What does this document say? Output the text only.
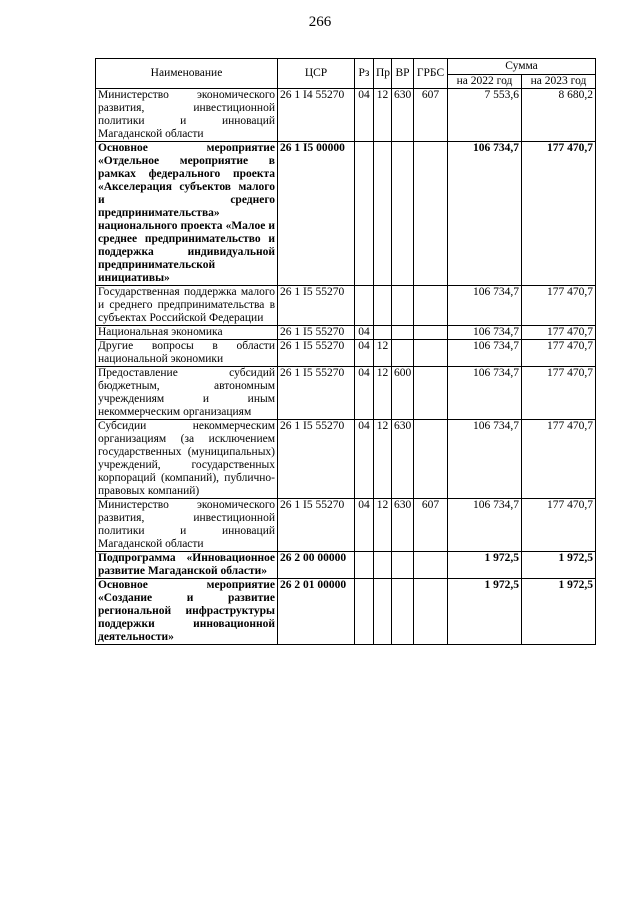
266
Наименование	ЦСР	Рз	Пр	ВР	ГРБС	Сумма	
						на 2022 год	на 2023 год
Министерство экономического развития, инвестиционной политики и инноваций Магаданской области	26 1 I4 55270	04	12	630	607	7 553,6	8 680,2
Основное мероприятие «Отдельное мероприятие в рамках федерального проекта «Акселерация субъектов малого и среднего предпринимательства» национального проекта «Малое и среднее предпринимательство и поддержка индивидуальной предпринимательской инициативы»	26 1 I5 00000					106 734,7	177 470,7
Государственная поддержка малого и среднего предпринимательства в субъектах Российской Федерации	26 1 I5 55270					106 734,7	177 470,7
Национальная экономика	26 1 I5 55270	04				106 734,7	177 470,7
Другие вопросы в области национальной экономики	26 1 I5 55270	04	12			106 734,7	177 470,7
Предоставление субсидий бюджетным, автономным учреждениям и иным некоммерческим организациям	26 1 I5 55270	04	12	600		106 734,7	177 470,7
Субсидии некоммерческим организациям (за исключением государственных (муниципальных) учреждений, государственных корпораций (компаний), публично-правовых компаний)	26 1 I5 55270	04	12	630		106 734,7	177 470,7
Министерство экономического развития, инвестиционной политики и инноваций Магаданской области	26 1 I5 55270	04	12	630	607	106 734,7	177 470,7
Подпрограмма «Инновационное развитие Магаданской области»	26 2 00 00000					1 972,5	1 972,5
Основное мероприятие «Создание и развитие региональной инфраструктуры поддержки инновационной деятельности»	26 2 01 00000					1 972,5	1 972,5
